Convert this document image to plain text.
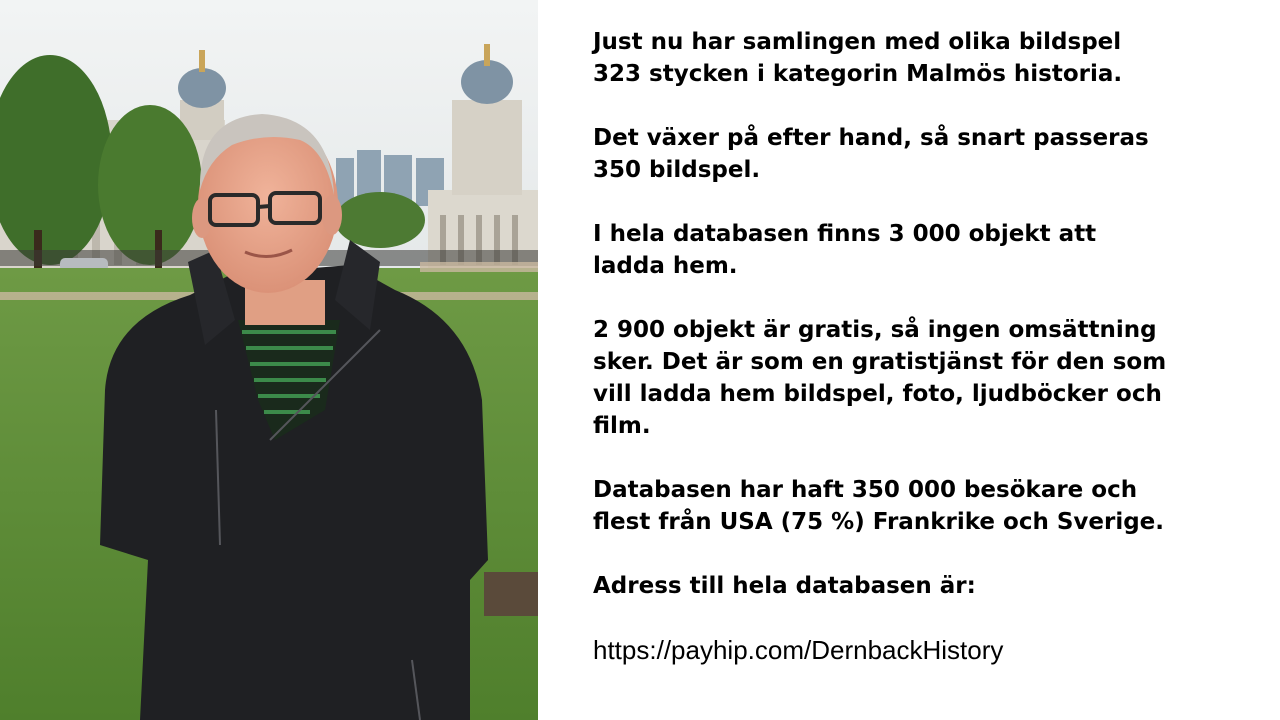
Just nu har samlingen med olika bildspel
323 stycken i kategorin Malmös historia.

Det växer på efter hand, så snart passeras
350 bildspel.

I hela databasen finns 3 000 objekt att
ladda hem.

2 900 objekt är gratis, så ingen omsättning
sker. Det är som en gratistjänst för den som
vill ladda hem bildspel, foto, ljudböcker och
film.

Databasen har haft 350 000 besökare och
flest från USA (75 %) Frankrike och Sverige.

Adress till hela databasen är:

https://payhip.com/DernbackHistory
